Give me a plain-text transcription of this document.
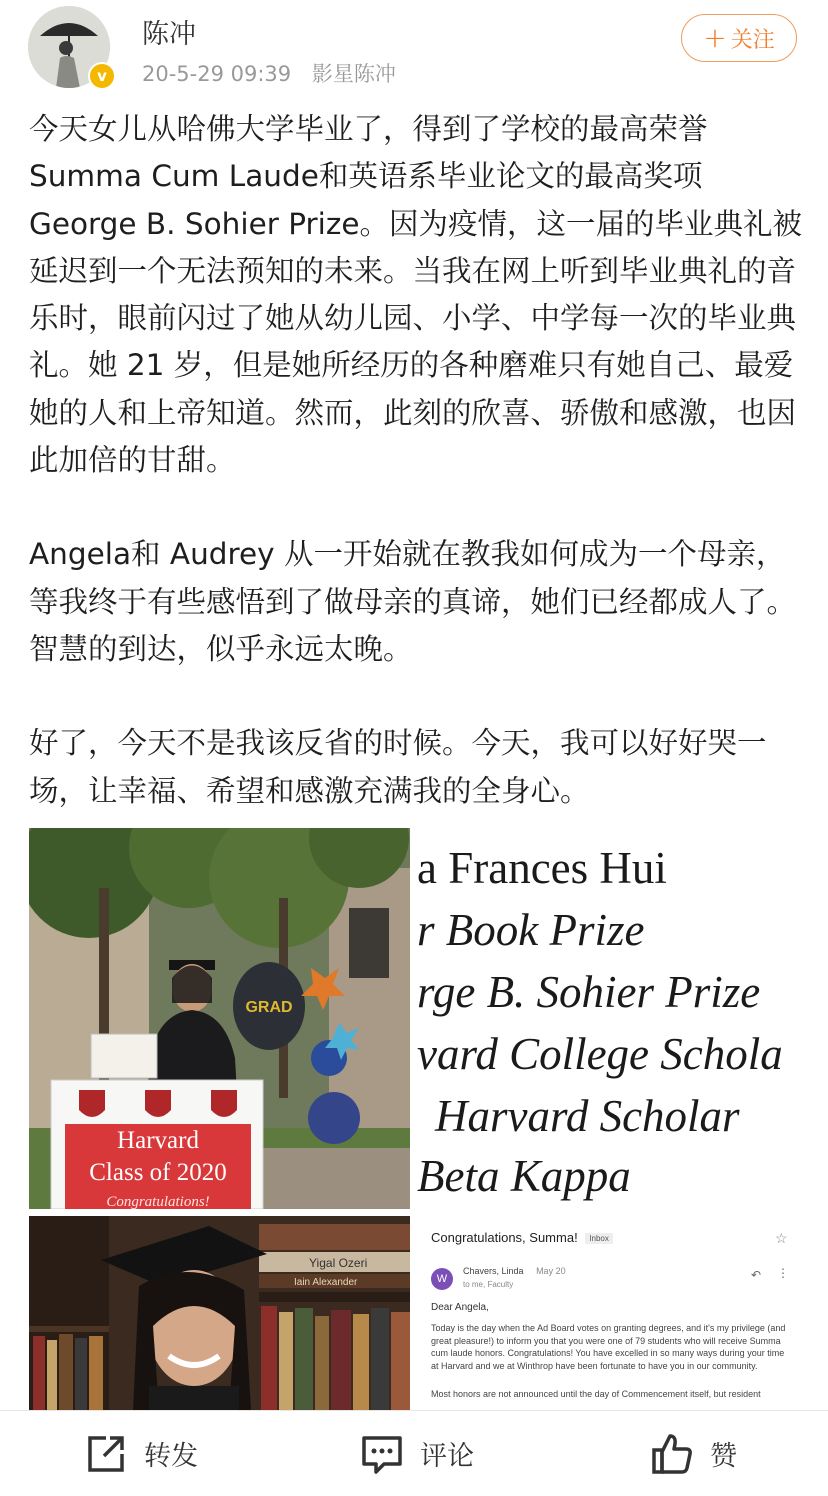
v
陈冲
20-5-29 09:39 影星陈冲
+ 关注

今天女儿从哈佛大学毕业了，得到了学校的最高荣誉Summa Cum Laude和英语系毕业论文的最高奖项George B. Sohier Prize。因为疫情，这一届的毕业典礼被延迟到一个无法预知的未来。当我在网上听到毕业典礼的音乐时，眼前闪过了她从幼儿园、小学、中学每一次的毕业典礼。她 21 岁，但是她所经历的各种磨难只有她自己、最爱她的人和上帝知道。然而，此刻的欣喜、骄傲和感激，也因此加倍的甘甜。

Angela和 Audrey 从一开始就在教我如何成为一个母亲，等我终于有些感悟到了做母亲的真谛，她们已经都成人了。智慧的到达，似乎永远太晚。

好了，今天不是我该反省的时候。今天，我可以好好哭一场，让幸福、希望和感激充满我的全身心。

GRAD
Harvard
Class of 2020
Congratulations!
a Frances Hui
r Book Prize
rge B. Sohier Prize
vard College Schola
Harvard Scholar
Beta Kappa
Yigal Ozeri
Iain Alexander
Congratulations, Summa! Inbox	☆
W
Chavers, Linda May 20
to me, Faculty
↶ ⋮
Dear Angela,
Today is the day when the Ad Board votes on granting degrees, and it's my privilege (and great pleasure!) to inform you that you were one of 79 students who will receive Summa cum laude honors. Congratulations! You have excelled in so many ways during your time at Harvard and we at Winthrop have been fortunate to have you in our community.
Most honors are not announced until the day of Commencement itself, but resident
转发	评论	赞
